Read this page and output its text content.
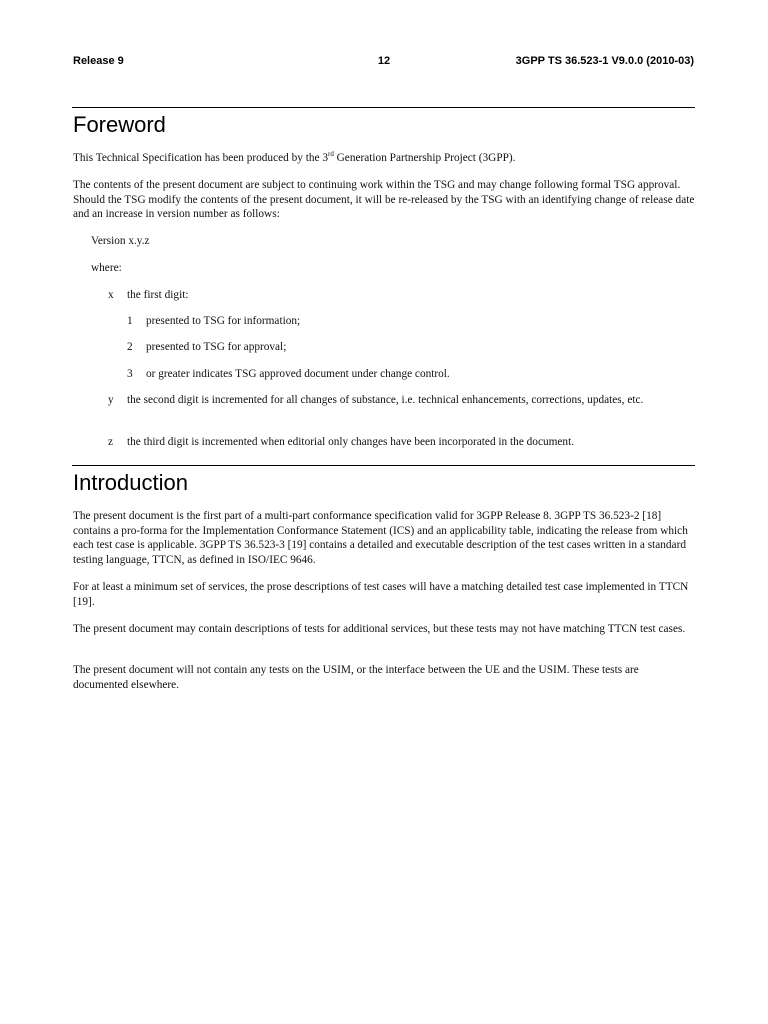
Release 9	12	3GPP TS 36.523-1 V9.0.0 (2010-03)
Foreword
This Technical Specification has been produced by the 3rd Generation Partnership Project (3GPP).
The contents of the present document are subject to continuing work within the TSG and may change following formal TSG approval. Should the TSG modify the contents of the present document, it will be re-released by the TSG with an identifying change of release date and an increase in version number as follows:
Version x.y.z
where:
x the first digit:
1 presented to TSG for information;
2 presented to TSG for approval;
3 or greater indicates TSG approved document under change control.
y the second digit is incremented for all changes of substance, i.e. technical enhancements, corrections, updates, etc.
z the third digit is incremented when editorial only changes have been incorporated in the document.
Introduction
The present document is the first part of a multi-part conformance specification valid for 3GPP Release 8. 3GPP TS 36.523-2 [18] contains a pro-forma for the Implementation Conformance Statement (ICS) and an applicability table, indicating the release from which each test case is applicable. 3GPP TS 36.523-3 [19] contains a detailed and executable description of the test cases written in a standard testing language, TTCN, as defined in ISO/IEC 9646.
For at least a minimum set of services, the prose descriptions of test cases will have a matching detailed test case implemented in TTCN [19].
The present document may contain descriptions of tests for additional services, but these tests may not have matching TTCN test cases.
The present document will not contain any tests on the USIM, or the interface between the UE and the USIM. These tests are documented elsewhere.
